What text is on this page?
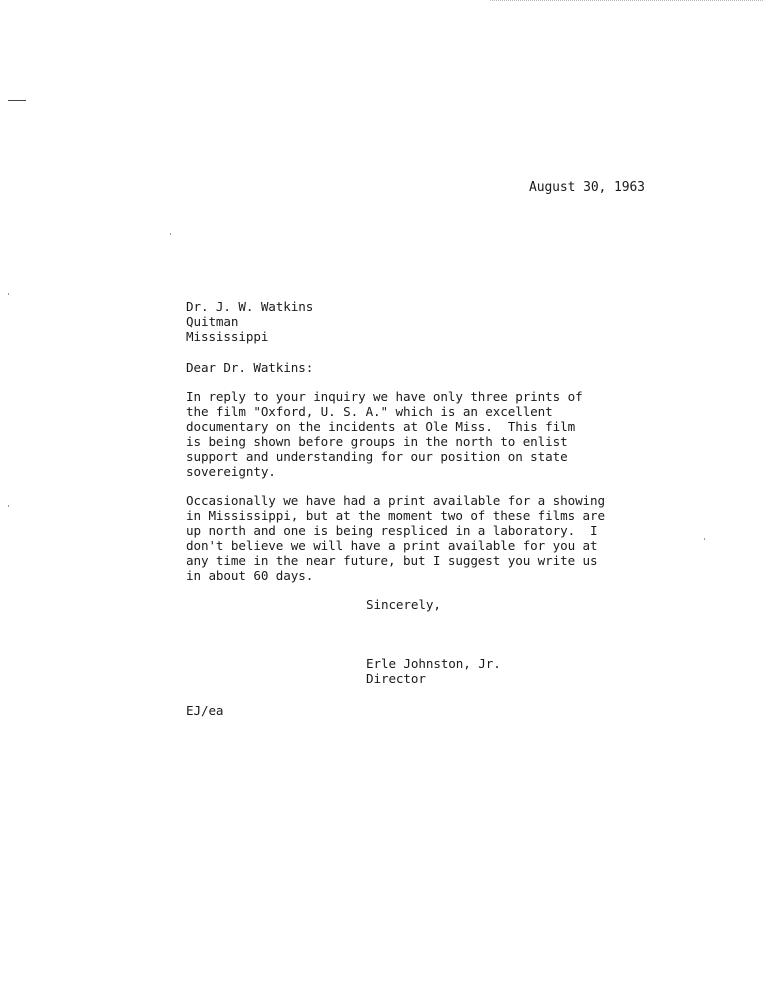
August 30, 1963
Dr. J. W. Watkins
Quitman
Mississippi
Dear Dr. Watkins:
In reply to your inquiry we have only three prints of
the film "Oxford, U. S. A." which is an excellent
documentary on the incidents at Ole Miss.  This film
is being shown before groups in the north to enlist
support and understanding for our position on state
sovereignty.
Occasionally we have had a print available for a showing
in Mississippi, but at the moment two of these films are
up north and one is being respliced in a laboratory.  I
don't believe we will have a print available for you at
any time in the near future, but I suggest you write us
in about 60 days.
Sincerely,
Erle Johnston, Jr.
Director
EJ/ea
